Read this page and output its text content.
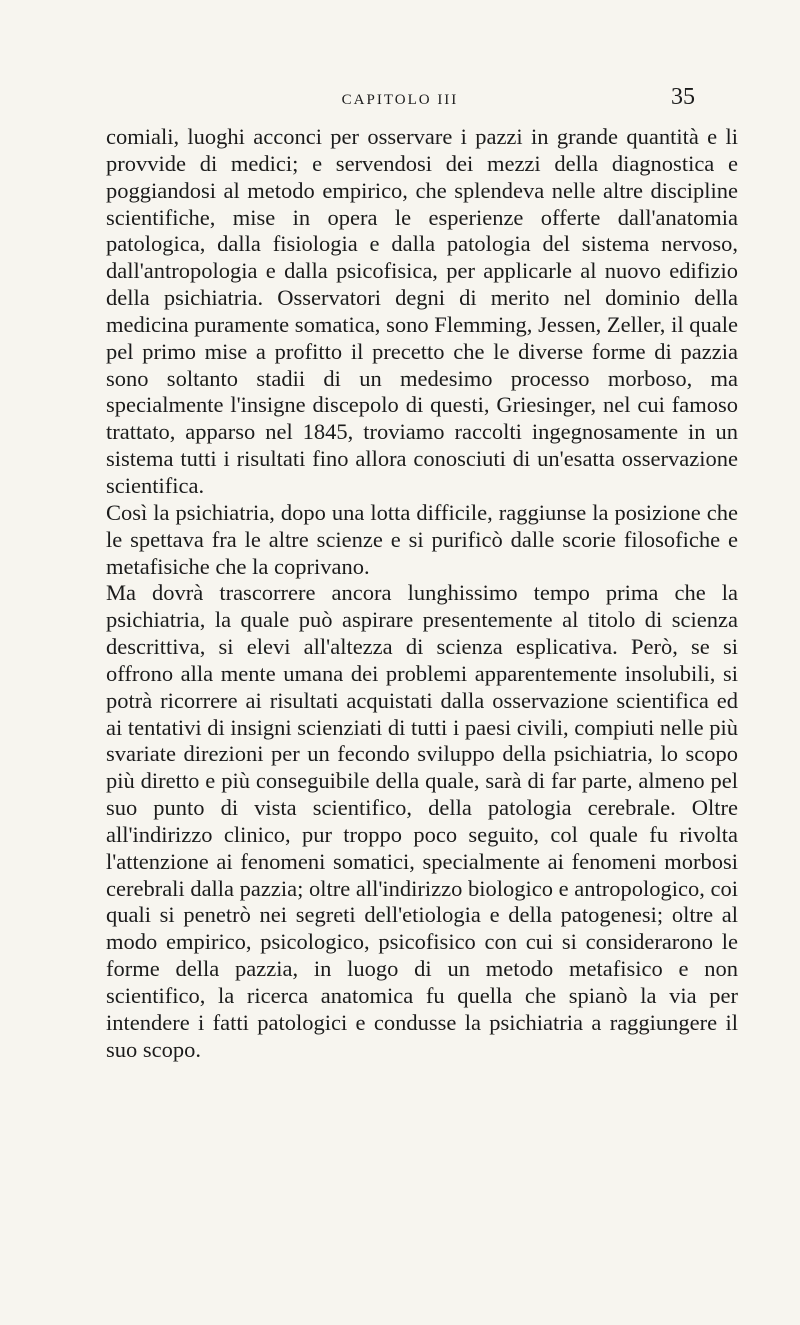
CAPITOLO III	35

comiali, luoghi acconci per osservare i pazzi in grande quantità e li provvide di medici; e servendosi dei mezzi della diagnostica e poggiandosi al metodo empirico, che splendeva nelle altre discipline scientifiche, mise in opera le esperienze offerte dall'anatomia patologica, dalla fisiologia e dalla patologia del sistema nervoso, dall'antropologia e dalla psicofisica, per applicarle al nuovo edifizio della psichiatria. Osservatori degni di merito nel dominio della medicina puramente somatica, sono Flemming, Jessen, Zeller, il quale pel primo mise a profitto il precetto che le diverse forme di pazzia sono soltanto stadii di un medesimo processo morboso, ma specialmente l'insigne discepolo di questi, Griesinger, nel cui famoso trattato, apparso nel 1845, troviamo raccolti ingegnosamente in un sistema tutti i risultati fino allora conosciuti di un'esatta osservazione scientifica.

Così la psichiatria, dopo una lotta difficile, raggiunse la posizione che le spettava fra le altre scienze e si purificò dalle scorie filosofiche e metafisiche che la coprivano.

Ma dovrà trascorrere ancora lunghissimo tempo prima che la psichiatria, la quale può aspirare presentemente al titolo di scienza descrittiva, si elevi all'altezza di scienza esplicativa. Però, se si offrono alla mente umana dei problemi apparentemente insolubili, si potrà ricorrere ai risultati acquistati dalla osservazione scientifica ed ai tentativi di insigni scienziati di tutti i paesi civili, compiuti nelle più svariate direzioni per un fecondo sviluppo della psichiatria, lo scopo più diretto e più conseguibile della quale, sarà di far parte, almeno pel suo punto di vista scientifico, della patologia cerebrale. Oltre all'indirizzo clinico, pur troppo poco seguito, col quale fu rivolta l'attenzione ai fenomeni somatici, specialmente ai fenomeni morbosi cerebrali dalla pazzia; oltre all'indirizzo biologico e antropologico, coi quali si penetrò nei segreti dell'etiologia e della patogenesi; oltre al modo empirico, psicologico, psicofisico con cui si considerarono le forme della pazzia, in luogo di un metodo metafisico e non scientifico, la ricerca anatomica fu quella che spianò la via per intendere i fatti patologici e condusse la psichiatria a raggiungere il suo scopo.
